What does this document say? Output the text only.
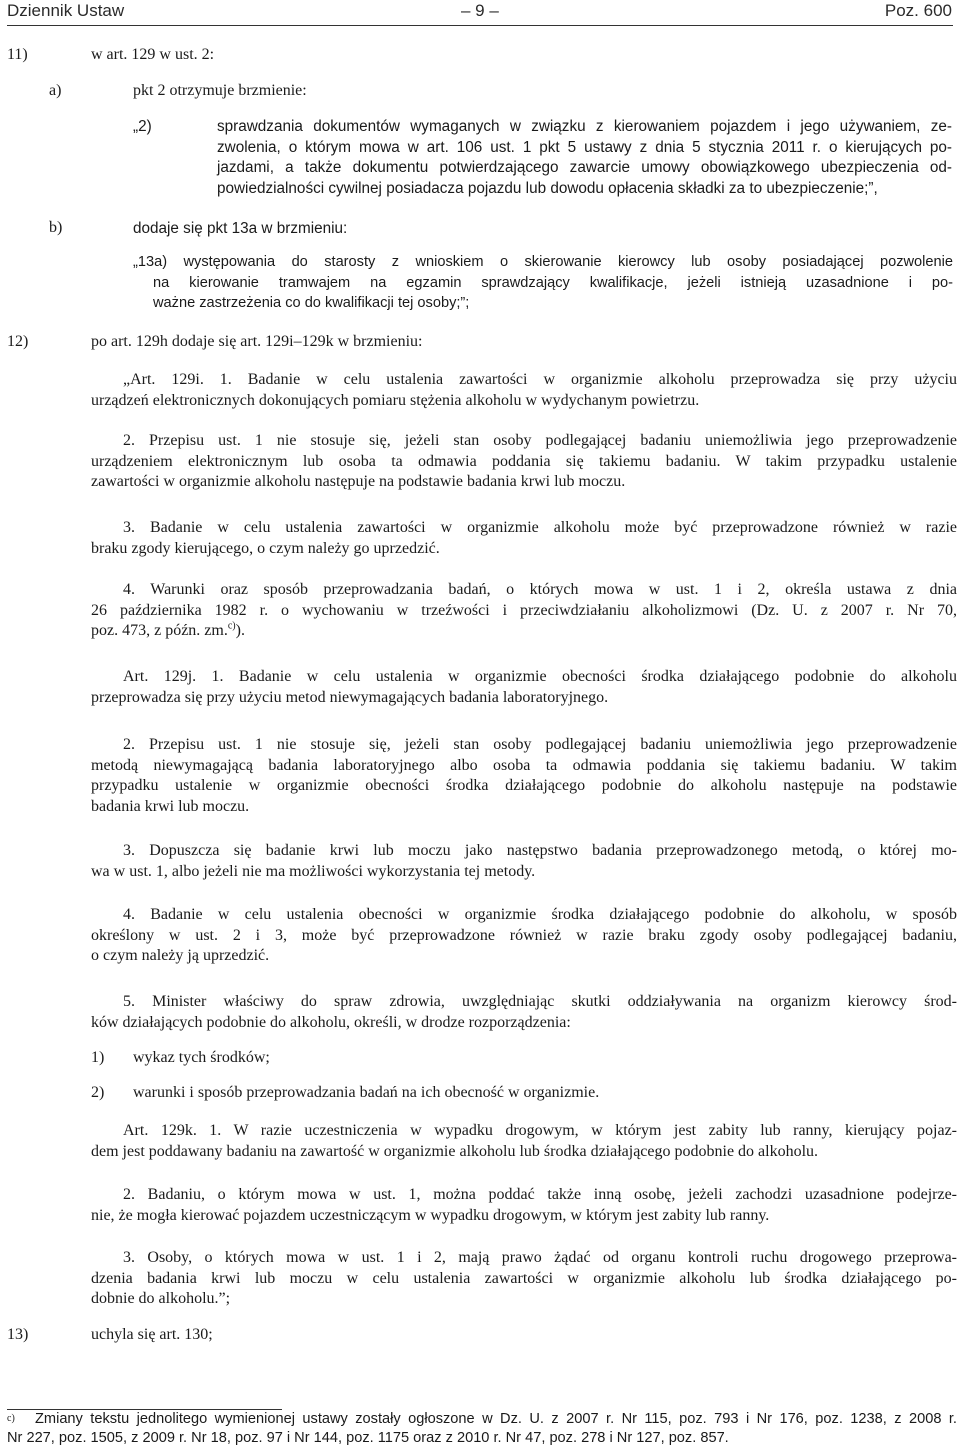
Dziennik Ustaw	– 9 –	Poz. 600
11)	w art. 129 w ust. 2:
a)	pkt 2 otrzymuje brzmienie:
„2)	sprawdzania dokumentów wymaganych w związku z kierowaniem pojazdem i jego używaniem, ze-
zwolenia, o którym mowa w art. 106 ust. 1 pkt 5 ustawy z dnia 5 stycznia 2011 r. o kierujących po-
jazdami, a także dokumentu potwierdzającego zawarcie umowy obowiązkowego ubezpieczenia od-
powiedzialności cywilnej posiadacza pojazdu lub dowodu opłacenia składki za to ubezpieczenie;”,
b)	dodaje się pkt 13a w brzmieniu:
„13a) występowania do starosty z wnioskiem o skierowanie kierowcy lub osoby posiadającej pozwolenie
na kierowanie tramwajem na egzamin sprawdzający kwalifikacje, jeżeli istnieją uzasadnione i po-
ważne zastrzeżenia co do kwalifikacji tej osoby;”;
12)	po art. 129h dodaje się art. 129i–129k w brzmieniu:
„Art. 129i. 1. Badanie w celu ustalenia zawartości w organizmie alkoholu przeprowadza się przy użyciu
urządzeń elektronicznych dokonujących pomiaru stężenia alkoholu w wydychanym powietrzu.
2. Przepisu ust. 1 nie stosuje się, jeżeli stan osoby podlegającej badaniu uniemożliwia jego przeprowadzenie
urządzeniem elektronicznym lub osoba ta odmawia poddania się takiemu badaniu. W takim przypadku ustalenie
zawartości w organizmie alkoholu następuje na podstawie badania krwi lub moczu.
3. Badanie w celu ustalenia zawartości w organizmie alkoholu może być przeprowadzone również w razie
braku zgody kierującego, o czym należy go uprzedzić.
4. Warunki oraz sposób przeprowadzania badań, o których mowa w ust. 1 i 2, określa ustawa z dnia
26 października 1982 r. o wychowaniu w trzeźwości i przeciwdziałaniu alkoholizmowi (Dz. U. z 2007 r. Nr 70,
poz. 473, z późn. zm.$^{c)}$).
Art. 129j. 1. Badanie w celu ustalenia w organizmie obecności środka działającego podobnie do alkoholu
przeprowadza się przy użyciu metod niewymagających badania laboratoryjnego.
2. Przepisu ust. 1 nie stosuje się, jeżeli stan osoby podlegającej badaniu uniemożliwia jego przeprowadzenie
metodą niewymagającą badania laboratoryjnego albo osoba ta odmawia poddania się takiemu badaniu. W takim
przypadku ustalenie w organizmie obecności środka działającego podobnie do alkoholu następuje na podstawie
badania krwi lub moczu.
3. Dopuszcza się badanie krwi lub moczu jako następstwo badania przeprowadzonego metodą, o której mo-
wa w ust. 1, albo jeżeli nie ma możliwości wykorzystania tej metody.
4. Badanie w celu ustalenia obecności w organizmie środka działającego podobnie do alkoholu, w sposób
określony w ust. 2 i 3, może być przeprowadzone również w razie braku zgody osoby podlegającej badaniu,
o czym należy ją uprzedzić.
5. Minister właściwy do spraw zdrowia, uwzględniając skutki oddziaływania na organizm kierowcy środ-
ków działających podobnie do alkoholu, określi, w drodze rozporządzenia:
1) wykaz tych środków;
2) warunki i sposób przeprowadzania badań na ich obecność w organizmie.
Art. 129k. 1. W razie uczestniczenia w wypadku drogowym, w którym jest zabity lub ranny, kierujący pojaz-
dem jest poddawany badaniu na zawartość w organizmie alkoholu lub środka działającego podobnie do alkoholu.
2. Badaniu, o którym mowa w ust. 1, można poddać także inną osobę, jeżeli zachodzi uzasadnione podejrze-
nie, że mogła kierować pojazdem uczestniczącym w wypadku drogowym, w którym jest zabity lub ranny.
3. Osoby, o których mowa w ust. 1 i 2, mają prawo żądać od organu kontroli ruchu drogowego przeprowa-
dzenia badania krwi lub moczu w celu ustalenia zawartości w organizmie alkoholu lub środka działającego po-
dobnie do alkoholu.”;
13)	uchyla się art. 130;
c)	Zmiany tekstu jednolitego wymienionej ustawy zostały ogłoszone w Dz. U. z 2007 r. Nr 115, poz. 793 i Nr 176, poz. 1238, z 2008 r.
Nr 227, poz. 1505, z 2009 r. Nr 18, poz. 97 i Nr 144, poz. 1175 oraz z 2010 r. Nr 47, poz. 278 i Nr 127, poz. 857.
